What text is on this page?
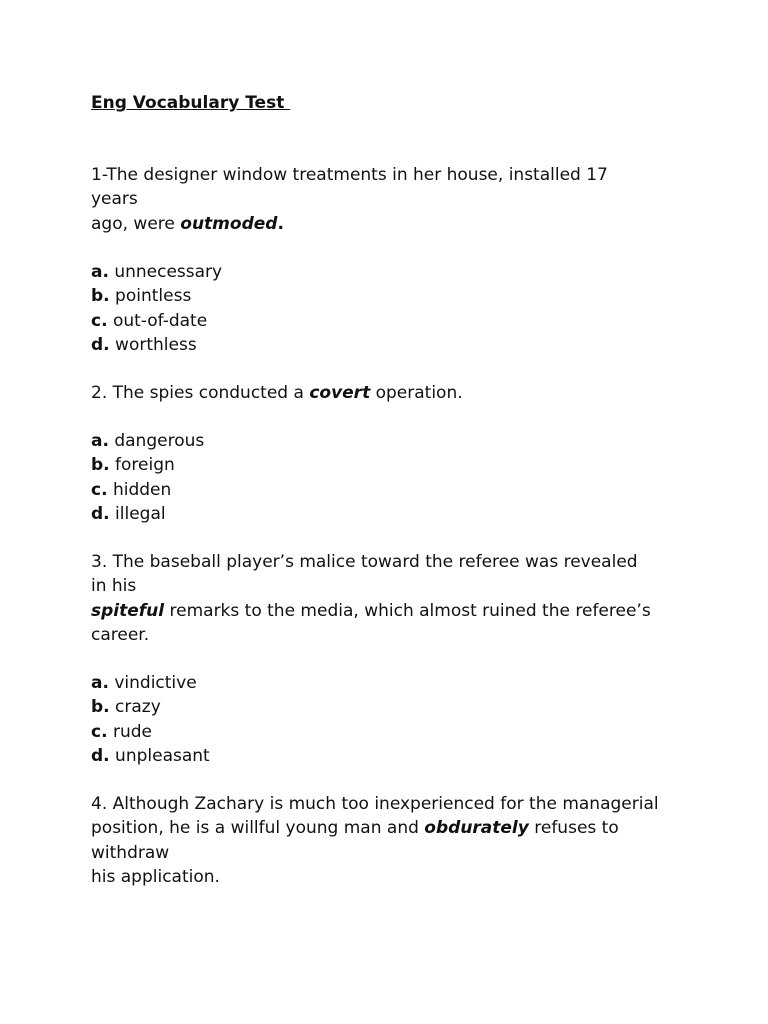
Eng Vocabulary Test
1-The designer window treatments in her house, installed 17
years
ago, were outmoded.
a. unnecessary
b. pointless
c. out-of-date
d. worthless
2. The spies conducted a covert operation.
a. dangerous
b. foreign
c. hidden
d. illegal
3. The baseball player’s malice toward the referee was revealed
in his
spiteful remarks to the media, which almost ruined the referee’s
career.
a. vindictive
b. crazy
c. rude
d. unpleasant
4. Although Zachary is much too inexperienced for the managerial
position, he is a willful young man and obdurately refuses to
withdraw
his application.
